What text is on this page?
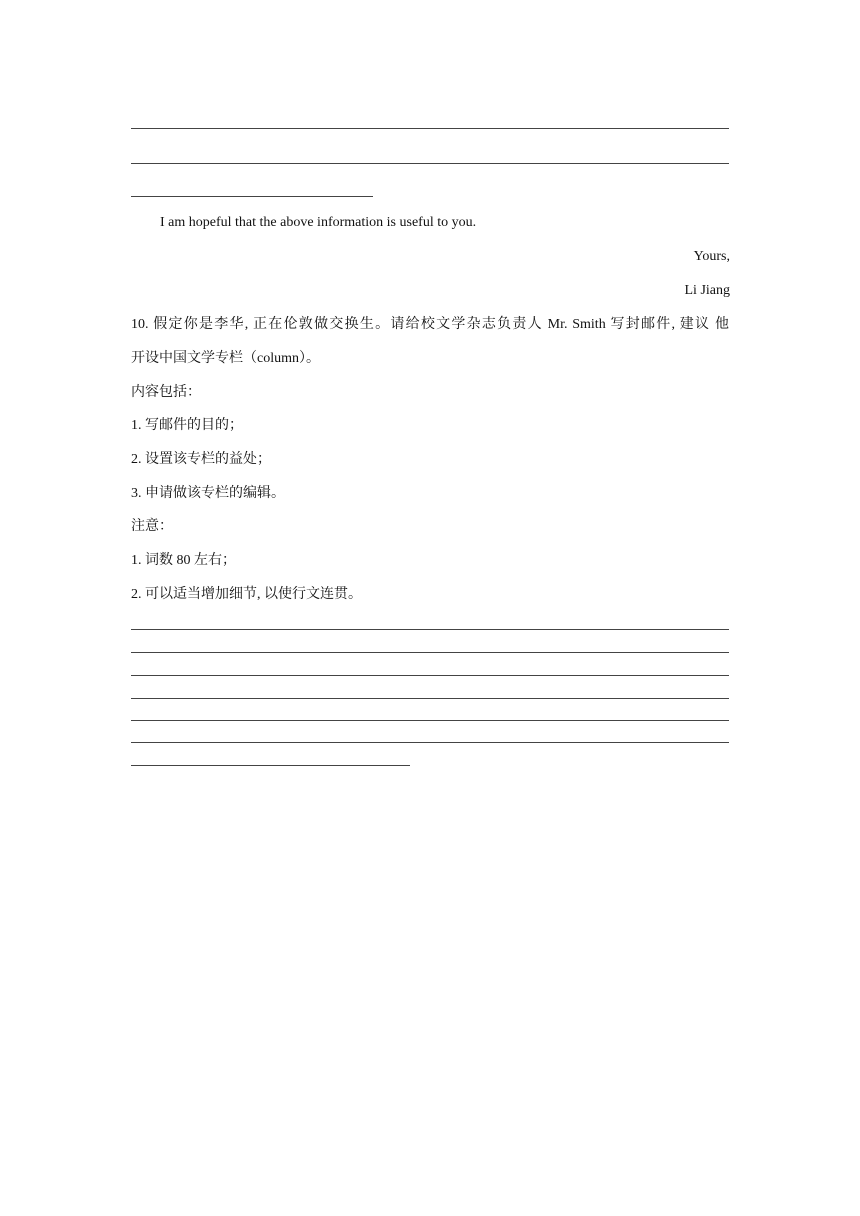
I am hopeful that the above information is useful to you.
Yours,
Li Jiang
10. 假定你是李华, 正在伦敦做交换生。请给校文学杂志负责人 Mr. Smith 写封邮件, 建议 他
开设中国文学专栏（column）。
内容包括：
1. 写邮件的目的；
2. 设置该专栏的益处；
3. 申请做该专栏的编辑。
注意：
1. 词数 80 左右；
2. 可以适当增加细节, 以使行文连贯。
